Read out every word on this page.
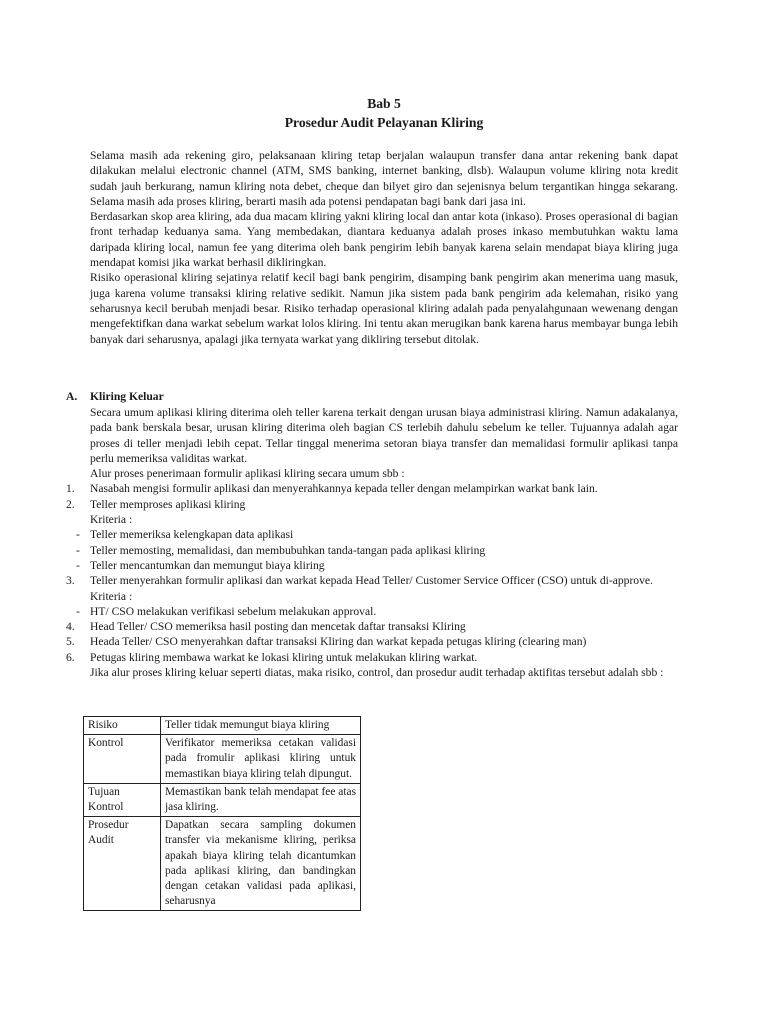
Bab 5
Prosedur Audit Pelayanan Kliring

Selama masih ada rekening giro, pelaksanaan kliring tetap berjalan walaupun transfer dana antar rekening bank dapat dilakukan melalui electronic channel (ATM, SMS banking, internet banking, dlsb). Walaupun volume kliring nota kredit sudah jauh berkurang, namun kliring nota debet, cheque dan bilyet giro dan sejenisnya belum tergantikan hingga sekarang. Selama masih ada proses kliring, berarti masih ada potensi pendapatan bagi bank dari jasa ini.

Berdasarkan skop area kliring, ada dua macam kliring yakni kliring local dan antar kota (inkaso). Proses operasional di bagian front terhadap keduanya sama. Yang membedakan, diantara keduanya adalah proses inkaso membutuhkan waktu lama daripada kliring local, namun fee yang diterima oleh bank pengirim lebih banyak karena selain mendapat biaya kliring juga mendapat komisi jika warkat berhasil dikliringkan.

Risiko operasional kliring sejatinya relatif kecil bagi bank pengirim, disamping bank pengirim akan menerima uang masuk, juga karena volume transaksi kliring relative sedikit. Namun jika sistem pada bank pengirim ada kelemahan, risiko yang seharusnya kecil berubah menjadi besar. Risiko terhadap operasional kliring adalah pada penyalahgunaan wewenang dengan mengefektifkan dana warkat sebelum warkat lolos kliring. Ini tentu akan merugikan bank karena harus membayar bunga lebih banyak dari seharusnya, apalagi jika ternyata warkat yang dikliring tersebut ditolak.

A. Kliring Keluar

Secara umum aplikasi kliring diterima oleh teller karena terkait dengan urusan biaya administrasi kliring. Namun adakalanya, pada bank berskala besar, urusan kliring diterima oleh bagian CS terlebih dahulu sebelum ke teller. Tujuannya adalah agar proses di teller menjadi lebih cepat. Tellar tinggal menerima setoran biaya transfer dan memalidasi formulir aplikasi tanpa perlu memeriksa validitas warkat.

Alur proses penerimaan formulir aplikasi kliring secara umum sbb :

1. Nasabah mengisi formulir aplikasi dan menyerahkannya kepada teller dengan melampirkan warkat bank lain.
2. Teller memproses aplikasi kliring

Kriteria :

- Teller memeriksa kelengkapan data aplikasi
- Teller memosting, memalidasi, dan membubuhkan tanda-tangan pada aplikasi kliring
- Teller mencantumkan dan memungut biaya kliring
3. Teller menyerahkan formulir aplikasi dan warkat kepada Head Teller/ Customer Service Officer (CSO) untuk di-approve.

Kriteria :

- HT/ CSO melakukan verifikasi sebelum melakukan approval.
4. Head Teller/ CSO memeriksa hasil posting dan mencetak daftar transaksi Kliring
5. Heada Teller/ CSO menyerahkan daftar transaksi Kliring dan warkat kepada petugas kliring (clearing man)
6. Petugas kliring membawa warkat ke lokasi kliring untuk melakukan kliring warkat.

Jika alur proses kliring keluar seperti diatas, maka risiko, control, dan prosedur audit terhadap aktifitas tersebut adalah sbb :

Risiko	Teller tidak memungut biaya kliring
Kontrol	Verifikator memeriksa cetakan validasi pada fromulir aplikasi kliring untuk memastikan biaya kliring telah dipungut.
Tujuan Kontrol	Memastikan bank telah mendapat fee atas jasa kliring.
Prosedur Audit	Dapatkan secara sampling dokumen transfer via mekanisme kliring, periksa apakah biaya kliring telah dicantumkan pada aplikasi kliring, dan bandingkan dengan cetakan validasi pada aplikasi, seharusnya
